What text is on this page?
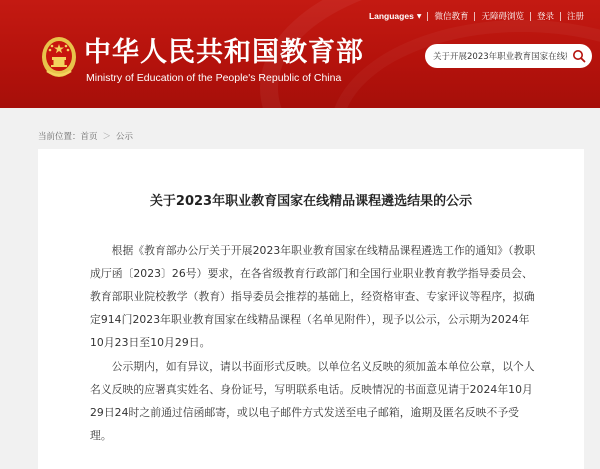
中华人民共和国教育部
Ministry of Education of the People's Republic of China
Languages ▼ 微信教育 无障碍浏览 登录 注册
关于开展2023年职业教育国家在线精品课
当前位置： 首页 ＞ 公示
关于2023年职业教育国家在线精品课程遴选结果的公示
根据《教育部办公厅关于开展2023年职业教育国家在线精品课程遴选工作的通知》（教职成厅函〔2023〕26号）要求，在各省级教育行政部门和全国行业职业教育教学指导委员会、教育部职业院校教学（教育）指导委员会推荐的基础上，经资格审查、专家评议等程序，拟确定914门2023年职业教育国家在线精品课程（名单见附件），现予以公示，公示期为2024年10月23日至10月29日。
公示期内，如有异议，请以书面形式反映。以单位名义反映的须加盖本单位公章，以个人名义反映的应署真实姓名、身份证号，写明联系电话。反映情况的书面意见请于2024年10月29日24时之前通过信函邮寄，或以电子邮件方式发送至电子邮箱，逾期及匿名反映不予受理。
